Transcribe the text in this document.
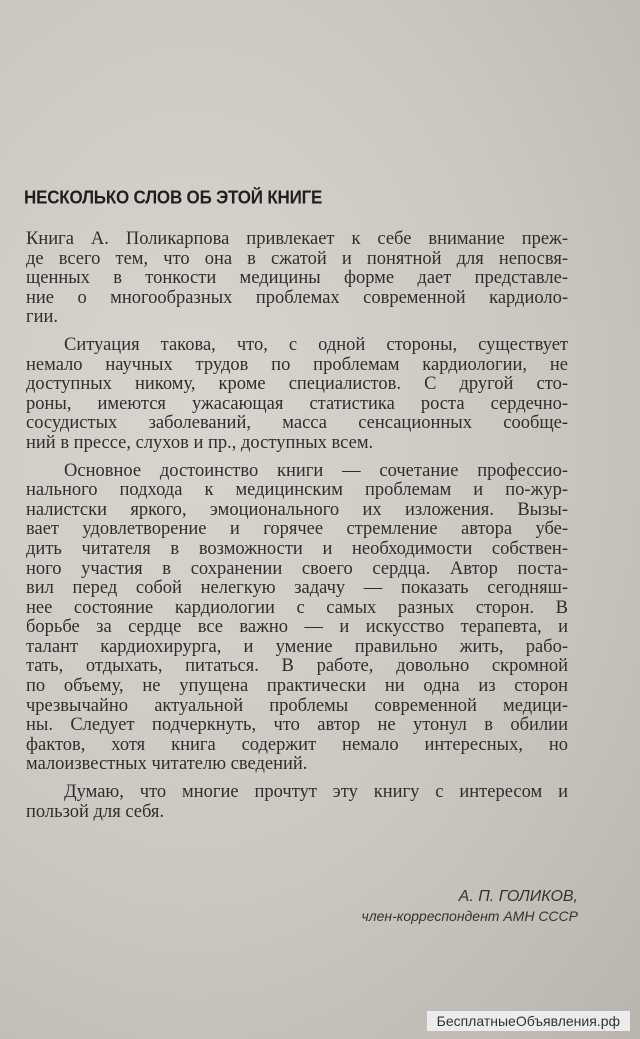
НЕСКОЛЬКО СЛОВ ОБ ЭТОЙ КНИГЕ
Книга А. Поликарпова привлекает к себе внимание преж-
де всего тем, что она в сжатой и понятной для непосвя-
щенных в тонкости медицины форме дает представле-
ние о многообразных проблемах современной кардиоло-
гии.
Ситуация такова, что, с одной стороны, существует
немало научных трудов по проблемам кардиологии, не
доступных никому, кроме специалистов. С другой сто-
роны, имеются ужасающая статистика роста сердечно-
сосудистых заболеваний, масса сенсационных сообще-
ний в прессе, слухов и пр., доступных всем.
Основное достоинство книги — сочетание профессио-
нального подхода к медицинским проблемам и по-жур-
налистски яркого, эмоционального их изложения. Вызы-
вает удовлетворение и горячее стремление автора убе-
дить читателя в возможности и необходимости собствен-
ного участия в сохранении своего сердца. Автор поста-
вил перед собой нелегкую задачу — показать сегодняш-
нее состояние кардиологии с самых разных сторон. В
борьбе за сердце все важно — и искусство терапевта, и
талант кардиохирурга, и умение правильно жить, рабо-
тать, отдыхать, питаться. В работе, довольно скромной
по объему, не упущена практически ни одна из сторон
чрезвычайно актуальной проблемы современной медици-
ны. Следует подчеркнуть, что автор не утонул в обилии
фактов, хотя книга содержит немало интересных, но
малоизвестных читателю сведений.
Думаю, что многие прочтут эту книгу с интересом и
пользой для себя.
А. П. ГОЛИКОВ,
член-корреспондент АМН СССР
БесплатныеОбъявления.рф
